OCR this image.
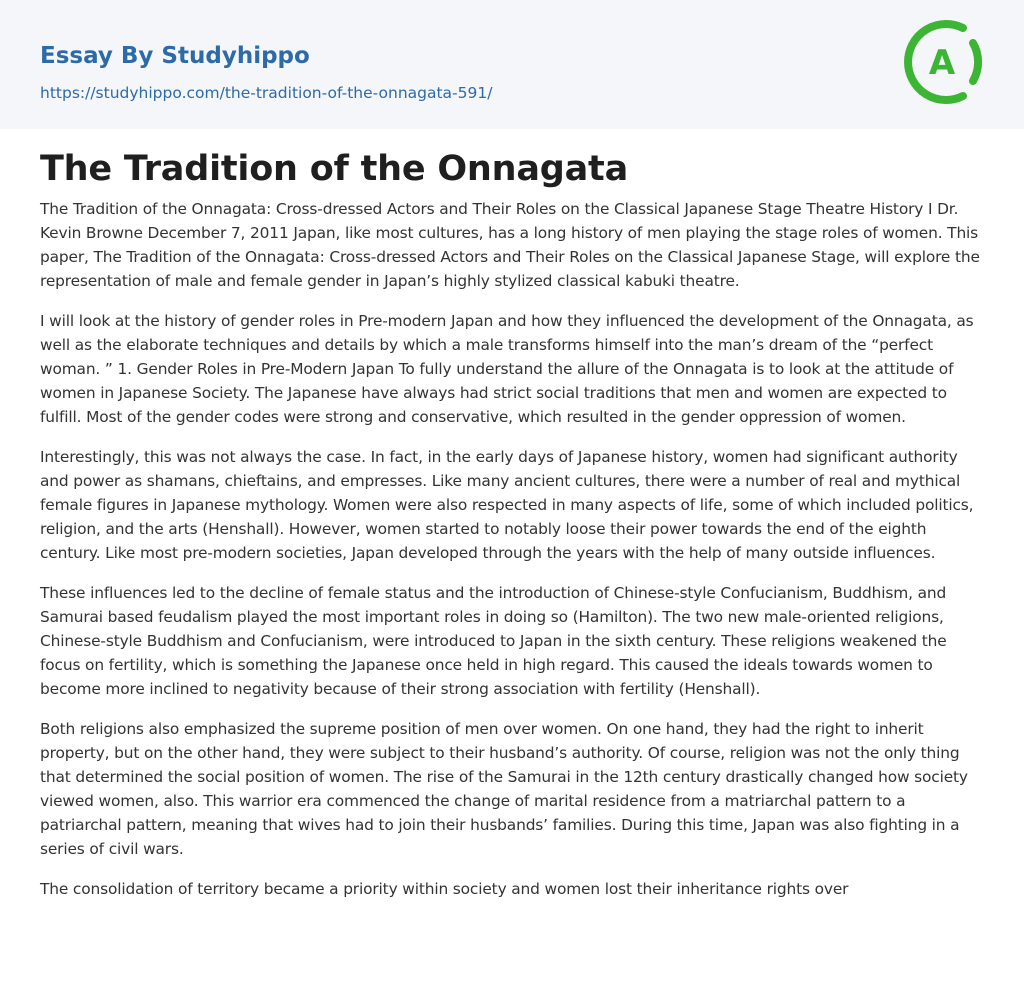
Essay By Studyhippo
https://studyhippo.com/the-tradition-of-the-onnagata-591/
A
The Tradition of the Onnagata

The Tradition of the Onnagata: Cross-dressed Actors and Their Roles on the Classical Japanese Stage Theatre History I Dr. Kevin Browne December 7, 2011 Japan, like most cultures, has a long history of men playing the stage roles of women. This paper, The Tradition of the Onnagata: Cross-dressed Actors and Their Roles on the Classical Japanese Stage, will explore the representation of male and female gender in Japan’s highly stylized classical kabuki theatre.

I will look at the history of gender roles in Pre-modern Japan and how they influenced the development of the Onnagata, as well as the elaborate techniques and details by which a male transforms himself into the man’s dream of the “perfect woman. ” 1. Gender Roles in Pre-Modern Japan To fully understand the allure of the Onnagata is to look at the attitude of women in Japanese Society. The Japanese have always had strict social traditions that men and women are expected to fulfill. Most of the gender codes were strong and conservative, which resulted in the gender oppression of women.

Interestingly, this was not always the case. In fact, in the early days of Japanese history, women had significant authority and power as shamans, chieftains, and empresses. Like many ancient cultures, there were a number of real and mythical female figures in Japanese mythology. Women were also respected in many aspects of life, some of which included politics, religion, and the arts (Henshall). However, women started to notably loose their power towards the end of the eighth century. Like most pre-modern societies, Japan developed through the years with the help of many outside influences.

These influences led to the decline of female status and the introduction of Chinese-style Confucianism, Buddhism, and Samurai based feudalism played the most important roles in doing so (Hamilton). The two new male-oriented religions, Chinese-style Buddhism and Confucianism, were introduced to Japan in the sixth century. These religions weakened the focus on fertility, which is something the Japanese once held in high regard. This caused the ideals towards women to become more inclined to negativity because of their strong association with fertility (Henshall).

Both religions also emphasized the supreme position of men over women. On one hand, they had the right to inherit property, but on the other hand, they were subject to their husband’s authority. Of course, religion was not the only thing that determined the social position of women. The rise of the Samurai in the 12th century drastically changed how society viewed women, also. This warrior era commenced the change of marital residence from a matriarchal pattern to a patriarchal pattern, meaning that wives had to join their husbands’ families. During this time, Japan was also fighting in a series of civil wars.

The consolidation of territory became a priority within society and women lost their inheritance rights over
